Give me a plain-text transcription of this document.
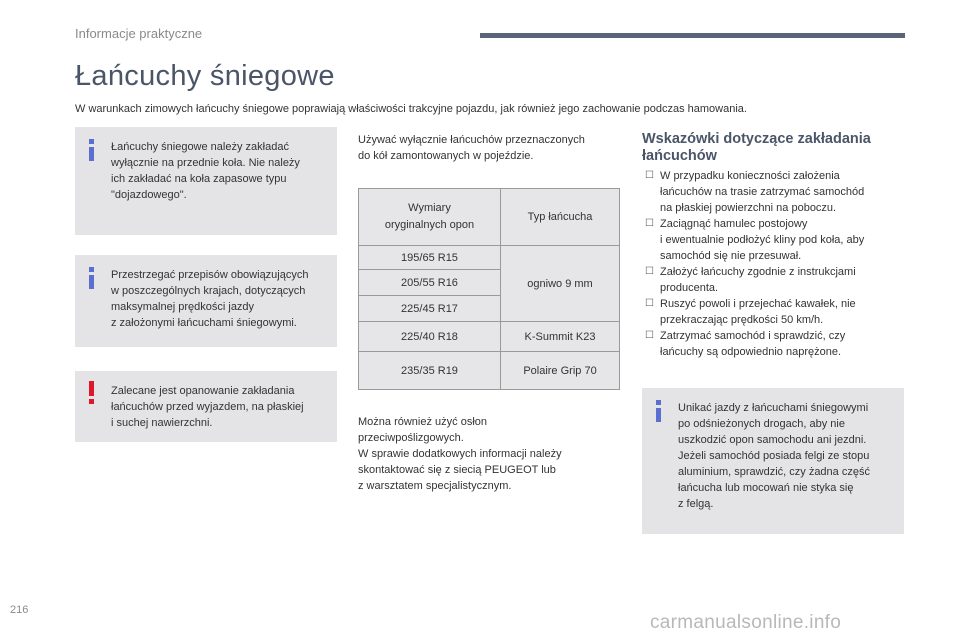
Informacje praktyczne
Łańcuchy śniegowe
W warunkach zimowych łańcuchy śniegowe poprawiają właściwości trakcyjne pojazdu, jak również jego zachowanie podczas hamowania.
Łańcuchy śniegowe należy zakładać
wyłącznie na przednie koła. Nie należy
ich zakładać na koła zapasowe typu
"dojazdowego".
Przestrzegać przepisów obowiązujących
w poszczególnych krajach, dotyczących
maksymalnej prędkości jazdy
z założonymi łańcuchami śniegowymi.
Zalecane jest opanowanie zakładania
łańcuchów przed wyjazdem, na płaskiej
i suchej nawierzchni.
Używać wyłącznie łańcuchów przeznaczonych
do kół zamontowanych w pojeździe.
Wymiary
oryginalnych opon	Typ łańcucha
195/65 R15	ogniwo 9 mm
205/55 R16	
225/45 R17	
225/40 R18	K-Summit K23
235/35 R19	Polaire Grip 70
Można również użyć osłon
przeciwpoślizgowych.
W sprawie dodatkowych informacji należy
skontaktować się z siecią PEUGEOT lub
z warsztatem specjalistycznym.
Wskazówki dotyczące zakładania
łańcuchów
☐ W przypadku konieczności założenia
łańcuchów na trasie zatrzymać samochód
na płaskiej powierzchni na poboczu.
☐ Zaciągnąć hamulec postojowy
i ewentualnie podłożyć kliny pod koła, aby
samochód się nie przesuwał.
☐ Założyć łańcuchy zgodnie z instrukcjami
producenta.
☐ Ruszyć powoli i przejechać kawałek, nie
przekraczając prędkości 50 km/h.
☐ Zatrzymać samochód i sprawdzić, czy
łańcuchy są odpowiednio naprężone.
Unikać jazdy z łańcuchami śniegowymi
po odśnieżonych drogach, aby nie
uszkodzić opon samochodu ani jezdni.
Jeżeli samochód posiada felgi ze stopu
aluminium, sprawdzić, czy żadna część
łańcucha lub mocowań nie styka się
z felgą.
216
carmanualsonline.info
